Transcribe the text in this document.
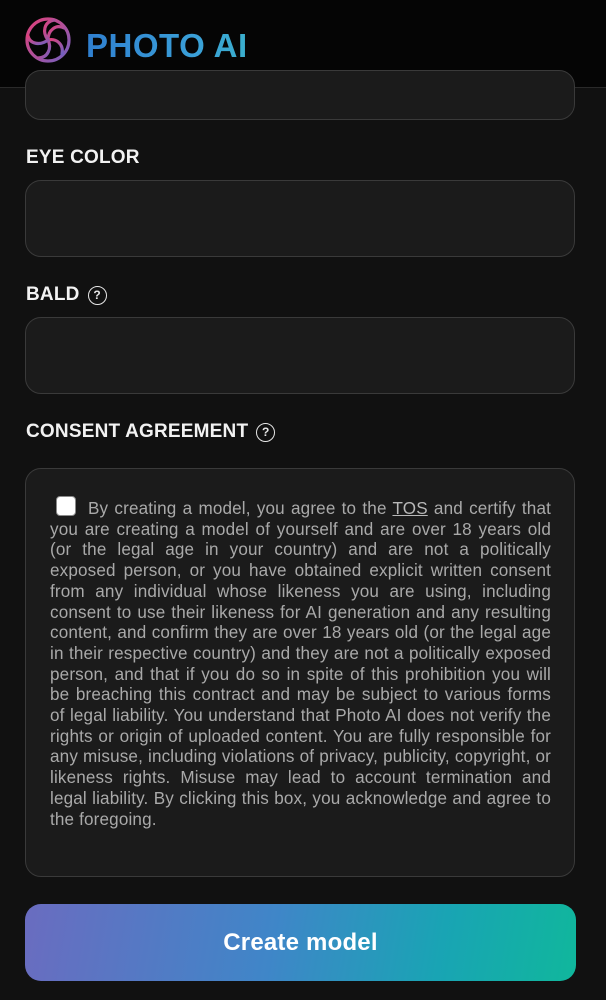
PHOTO AI™
EYE COLOR
BALD	?
CONSENT AGREEMENT	?
By creating a model, you agree to the TOS and certify that you are creating a model of yourself and are over 18 years old (or the legal age in your country) and are not a politically exposed person, or you have obtained explicit written consent from any individual whose likeness you are using, including consent to use their likeness for AI generation and any resulting content, and confirm they are over 18 years old (or the legal age in their respective country) and they are not a politically exposed person, and that if you do so in spite of this prohibition you will be breaching this contract and may be subject to various forms of legal liability. You understand that Photo AI does not verify the rights or origin of uploaded content. You are fully responsible for any misuse, including violations of privacy, publicity, copyright, or likeness rights. Misuse may lead to account termination and legal liability. By clicking this box, you acknowledge and agree to the foregoing.
Create model
